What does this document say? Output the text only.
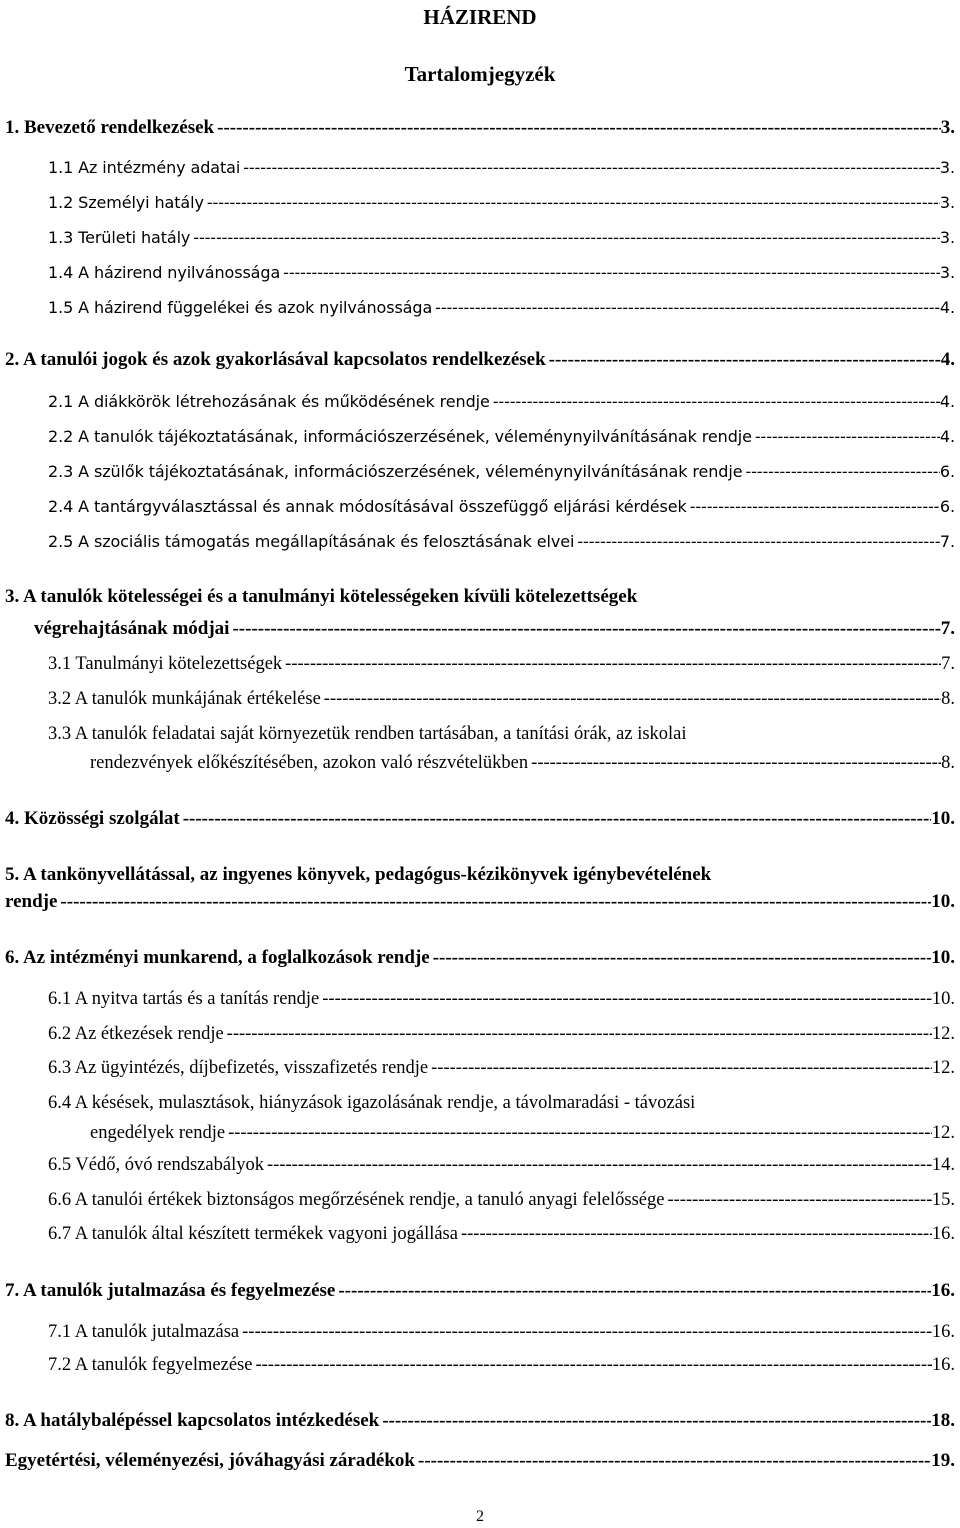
HÁZIREND
Tartalomjegyzék
1. Bevezető rendelkezések -----	3.
1.1 Az intézmény adatai -----	3.
1.2 Személyi hatály -----	3.
1.3 Területi hatály -----	3.
1.4 A házirend nyilvánossága -----	3.
1.5 A házirend függelékei és azok nyilvánossága -----	4.
2. A tanulói jogok és azok gyakorlásával kapcsolatos rendelkezések -----	4.
2.1 A diákkörök létrehozásának és működésének rendje -----	4.
2.2 A tanulók tájékoztatásának, információszerzésének, véleménynyilvánításának rendje -----	4.
2.3 A szülők tájékoztatásának, információszerzésének, véleménynyilvánításának rendje -----	6.
2.4 A tantárgyválasztással és annak módosításával összefüggő eljárási kérdések -----	6.
2.5 A szociális támogatás megállapításának és felosztásának elvei -----	7.
3. A tanulók kötelességei és a tanulmányi kötelességeken kívüli kötelezettségek
végrehajtásának módjai -----	7.
3.1 Tanulmányi kötelezettségek -----	7.
3.2 A tanulók munkájának értékelése -----	8.
3.3 A tanulók feladatai saját környezetük rendben tartásában, a tanítási órák, az iskolai
rendezvények előkészítésében, azokon való részvételükben -----	8.
4. Közösségi szolgálat -----	10.
5. A tankönyvellátással, az ingyenes könyvek, pedagógus-kézikönyvek igénybevételének
rendje -----	10.
6. Az intézményi munkarend, a foglalkozások rendje -----	10.
6.1 A nyitva tartás és a tanítás rendje -----	10.
6.2 Az étkezések rendje -----	12.
6.3 Az ügyintézés, díjbefizetés, visszafizetés rendje -----	12.
6.4 A késések, mulasztások, hiányzások igazolásának rendje, a távolmaradási - távozási
engedélyek rendje -----	12.
6.5 Védő, óvó rendszabályok -----	14.
6.6 A tanulói értékek biztonságos megőrzésének rendje, a tanuló anyagi felelőssége -----	15.
6.7 A tanulók által készített termékek vagyoni jogállása -----	16.
7. A tanulók jutalmazása és fegyelmezése -----	16.
7.1 A tanulók jutalmazása -----	16.
7.2 A tanulók fegyelmezése -----	16.
8. A hatálybalépéssel kapcsolatos intézkedések -----	18.
Egyetértési, véleményezési, jóváhagyási záradékok -----	19.
2
